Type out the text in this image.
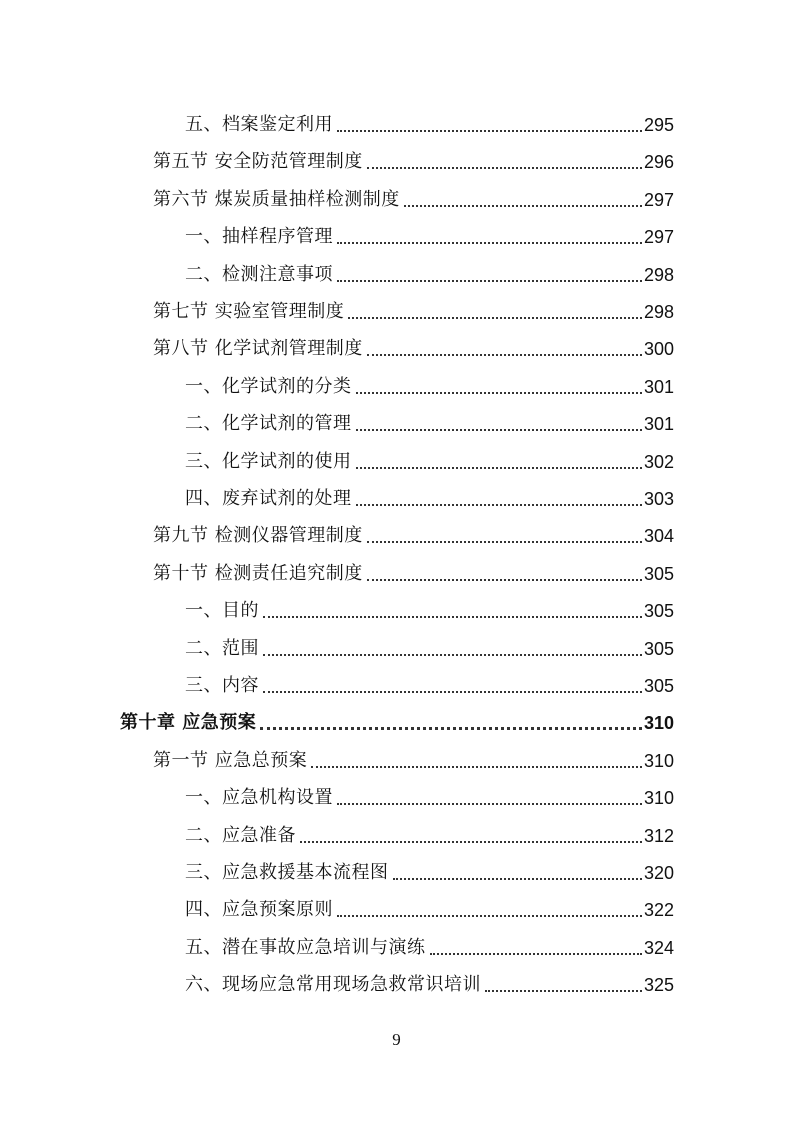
五、档案鉴定利用	295
第五节 安全防范管理制度	296
第六节 煤炭质量抽样检测制度	297
一、抽样程序管理	297
二、检测注意事项	298
第七节 实验室管理制度	298
第八节 化学试剂管理制度	300
一、化学试剂的分类	301
二、化学试剂的管理	301
三、化学试剂的使用	302
四、废弃试剂的处理	303
第九节 检测仪器管理制度	304
第十节 检测责任追究制度	305
一、目的	305
二、范围	305
三、内容	305
第十章 应急预案	310
第一节 应急总预案	310
一、应急机构设置	310
二、应急准备	312
三、应急救援基本流程图	320
四、应急预案原则	322
五、潜在事故应急培训与演练	324
六、现场应急常用现场急救常识培训	325
9
